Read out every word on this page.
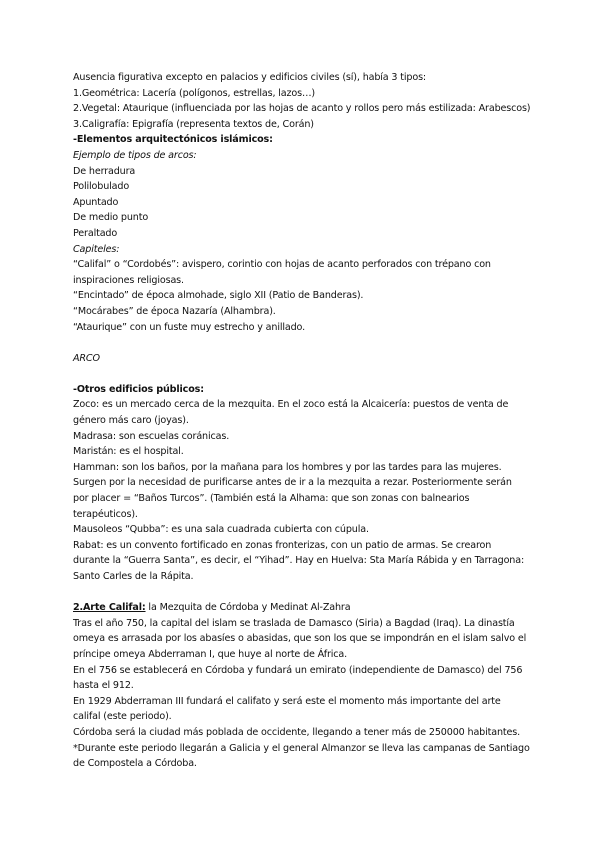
Ausencia figurativa excepto en palacios y edificios civiles (sí), había 3 tipos:
1.Geométrica: Lacería (polígonos, estrellas, lazos…)
2.Vegetal: Ataurique (influenciada por las hojas de acanto y rollos pero más estilizada: Arabescos)
3.Caligrafía: Epigrafía (representa textos de, Corán)
-Elementos arquitectónicos islámicos:
Ejemplo de tipos de arcos:
De herradura
Polilobulado
Apuntado
De medio punto
Peraltado
Capiteles:
“Califal” o “Cordobés”: avispero, corintio con hojas de acanto perforados con trépano con inspiraciones religiosas.
“Encintado” de época almohade, siglo XII (Patio de Banderas).
“Mocárabes” de época Nazaría (Alhambra).
“Ataurique” con un fuste muy estrecho y anillado.
ARCO
-Otros edificios públicos:
Zoco: es un mercado cerca de la mezquita. En el zoco está la Alcaicería: puestos de venta de género más caro (joyas).
Madrasa: son escuelas coránicas.
Maristán: es el hospital.
Hamman: son los baños, por la mañana para los hombres y por las tardes para las mujeres. Surgen por la necesidad de purificarse antes de ir a la mezquita a rezar. Posteriormente serán por placer = “Baños Turcos”. (También está la Alhama: que son zonas con balnearios terapéuticos).
Mausoleos “Qubba”: es una sala cuadrada cubierta con cúpula.
Rabat: es un convento fortificado en zonas fronterizas, con un patio de armas. Se crearon durante la “Guerra Santa”, es decir, el “Yihad”. Hay en Huelva: Sta María Rábida y en Tarragona: Santo Carles de la Rápita.
2.Arte Califal: la Mezquita de Córdoba y Medinat Al-Zahra
Tras el año 750, la capital del islam se traslada de Damasco (Siria) a Bagdad (Iraq). La dinastía omeya es arrasada por los abasíes o abasidas, que son los que se impondrán en el islam salvo el príncipe omeya Abderraman I, que huye al norte de África.
En el 756 se establecerá en Córdoba y fundará un emirato (independiente de Damasco) del 756 hasta el 912.
En 1929 Abderraman III fundará el califato y será este el momento más importante del arte califal (este periodo).
Córdoba será la ciudad más poblada de occidente, llegando a tener más de 250000 habitantes.
*Durante este periodo llegarán a Galicia y el general Almanzor se lleva las campanas de Santiago de Compostela a Córdoba.
